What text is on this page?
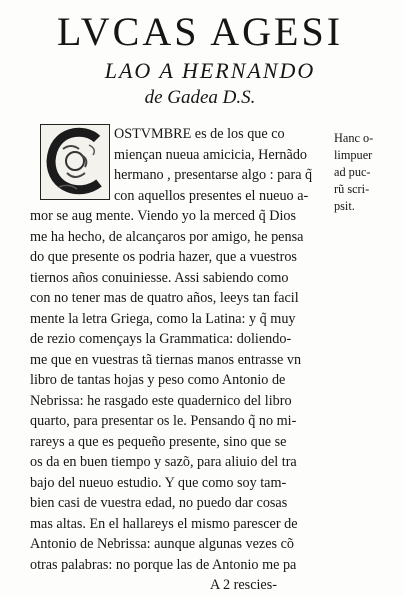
LVCAS AGESI
LAO A HERNANDO
de Gadea D.S.
OSTVMBRE es de los que co
miençan nueua amicicia, Hernãdo
hermano , presentarse algo : para q̃
con aquellos presentes el nueuo a-
mor se aug mente. Viendo yo la merced q̃ Dios
me ha hecho, de alcançaros por amigo, he pensa
do que presente os podria hazer, que a vuestros
tiernos años conuiniesse. Assi sabiendo como
con no tener mas de quatro años, leeys tan facil
mente la letra Griega, como la Latina: y q̃ muy
de rezio començays la Grammatica: doliendo-
me que en vuestras tã tiernas manos entrasse vn
libro de tantas hojas y peso como Antonio de
Nebrissa: he rasgado este quadernico del libro
quarto, para presentar os le. Pensando q̃ no mi-
rareys a que es pequeño presente, sino que se
os da en buen tiempo y sazõ, para aliuio del tra
bajo del nueuo estudio. Y que como soy tam-
bien casi de vuestra edad, no puedo dar cosas
mas altas. En el hallareys el mismo parescer de
Antonio de Nebrissa: aunque algunas vezes cõ
otras palabras: no porque las de Antonio me pa
A 2 rescies-
Hanc o-
limpuer
ad puc-
rũ scri-
psit.
